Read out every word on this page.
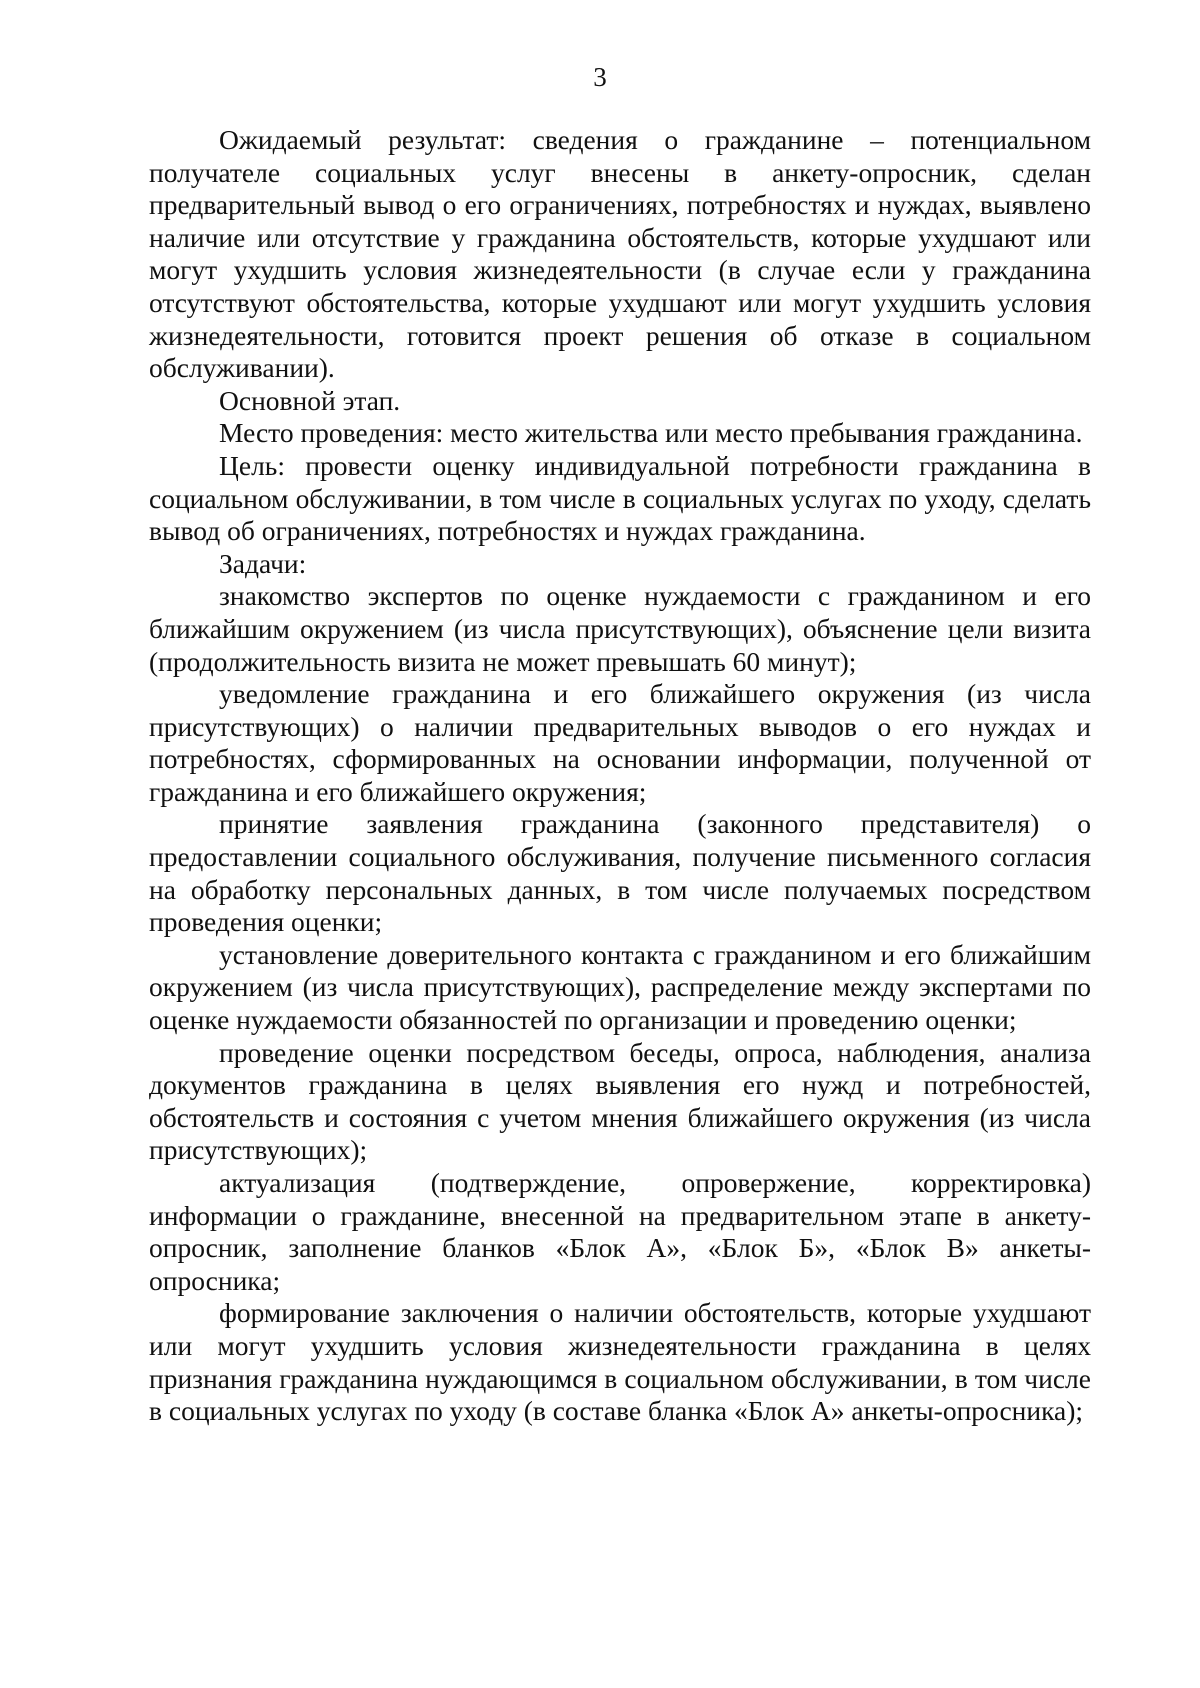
3

Ожидаемый результат: сведения о гражданине – потенциальном получателе социальных услуг внесены в анкету-опросник, сделан предварительный вывод о его ограничениях, потребностях и нуждах, выявлено наличие или отсутствие у гражданина обстоятельств, которые ухудшают или могут ухудшить условия жизнедеятельности (в случае если у гражданина отсутствуют обстоятельства, которые ухудшают или могут ухудшить условия жизнедеятельности, готовится проект решения об отказе в социальном обслуживании).

Основной этап.

Место проведения: место жительства или место пребывания гражданина.

Цель: провести оценку индивидуальной потребности гражданина в социальном обслуживании, в том числе в социальных услугах по уходу, сделать вывод об ограничениях, потребностях и нуждах гражданина.

Задачи:

знакомство экспертов по оценке нуждаемости с гражданином и его ближайшим окружением (из числа присутствующих), объяснение цели визита (продолжительность визита не может превышать 60 минут);

уведомление гражданина и его ближайшего окружения (из числа присутствующих) о наличии предварительных выводов о его нуждах и потребностях, сформированных на основании информации, полученной от гражданина и его ближайшего окружения;

принятие заявления гражданина (законного представителя) о предоставлении социального обслуживания, получение письменного согласия на обработку персональных данных, в том числе получаемых посредством проведения оценки;

установление доверительного контакта с гражданином и его ближайшим окружением (из числа присутствующих), распределение между экспертами по оценке нуждаемости обязанностей по организации и проведению оценки;

проведение оценки посредством беседы, опроса, наблюдения, анализа документов гражданина в целях выявления его нужд и потребностей, обстоятельств и состояния с учетом мнения ближайшего окружения (из числа присутствующих);

актуализация (подтверждение, опровержение, корректировка) информации о гражданине, внесенной на предварительном этапе в анкету-опросник, заполнение бланков «Блок А», «Блок Б», «Блок В» анкеты-опросника;

формирование заключения о наличии обстоятельств, которые ухудшают или могут ухудшить условия жизнедеятельности гражданина в целях признания гражданина нуждающимся в социальном обслуживании, в том числе в социальных услугах по уходу (в составе бланка «Блок А» анкеты-опросника);
